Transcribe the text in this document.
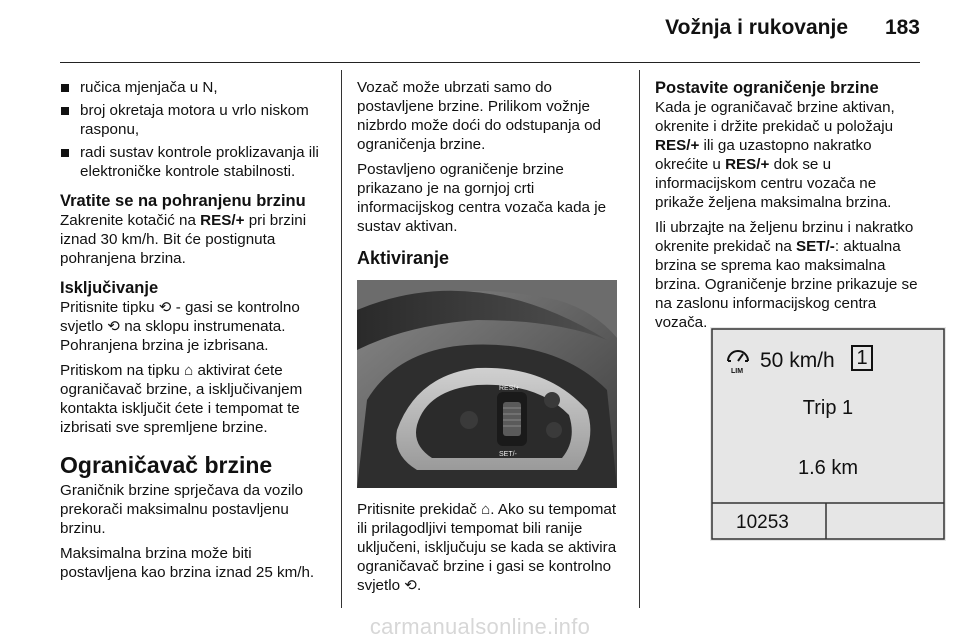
Vožnja i rukovanje 183
ručica mjenjača u N,
broj okretaja motora u vrlo niskom rasponu,
radi sustav kontrole proklizavanja ili elektroničke kontrole stabilnosti.
Vratite se na pohranjenu brzinu

Zakrenite kotačić na RES/+ pri brzini iznad 30 km/h. Bit će postignuta pohranjena brzina.

Isključivanje

Pritisnite tipku ⟲ - gasi se kontrolno svjetlo ⟲ na sklopu instrumenata. Pohranjena brzina je izbrisana.

Pritiskom na tipku ⌂ aktivirat ćete ograničavač brzine, a isključivanjem kontakta isključit ćete i tempomat te izbrisati sve spremljene brzine.

Ograničavač brzine

Graničnik brzine sprječava da vozilo prekorači maksimalnu postavljenu brzinu.

Maksimalna brzina može biti postavljena kao brzina iznad 25 km/h.

Vozač može ubrzati samo do postavljene brzine. Prilikom vožnje nizbrdo može doći do odstupanja od ograničenja brzine.

Postavljeno ograničenje brzine prikazano je na gornjoj crti informacijskog centra vozača kada je sustav aktivan.

Aktiviranje
RES/+
SET/-

Pritisnite prekidač ⌂. Ako su tempomat ili prilagodljivi tempomat bili ranije uključeni, isključuju se kada se aktivira ograničavač brzine i gasi se kontrolno svjetlo ⟲.

Postavite ograničenje brzine

Kada je ograničavač brzine aktivan, okrenite i držite prekidač u položaju RES/+ ili ga uzastopno nakratko okrećite u RES/+ dok se u informacijskom centru vozača ne prikaže željena maksimalna brzina.

Ili ubrzajte na željenu brzinu i nakratko okrenite prekidač na SET/-: aktualna brzina se sprema kao maksimalna brzina. Ograničenje brzine prikazuje se na zaslonu informacijskog centra vozača.

LIM 50 km/h 1
Trip 1
1.6 km
10253
carmanualsonline.info
